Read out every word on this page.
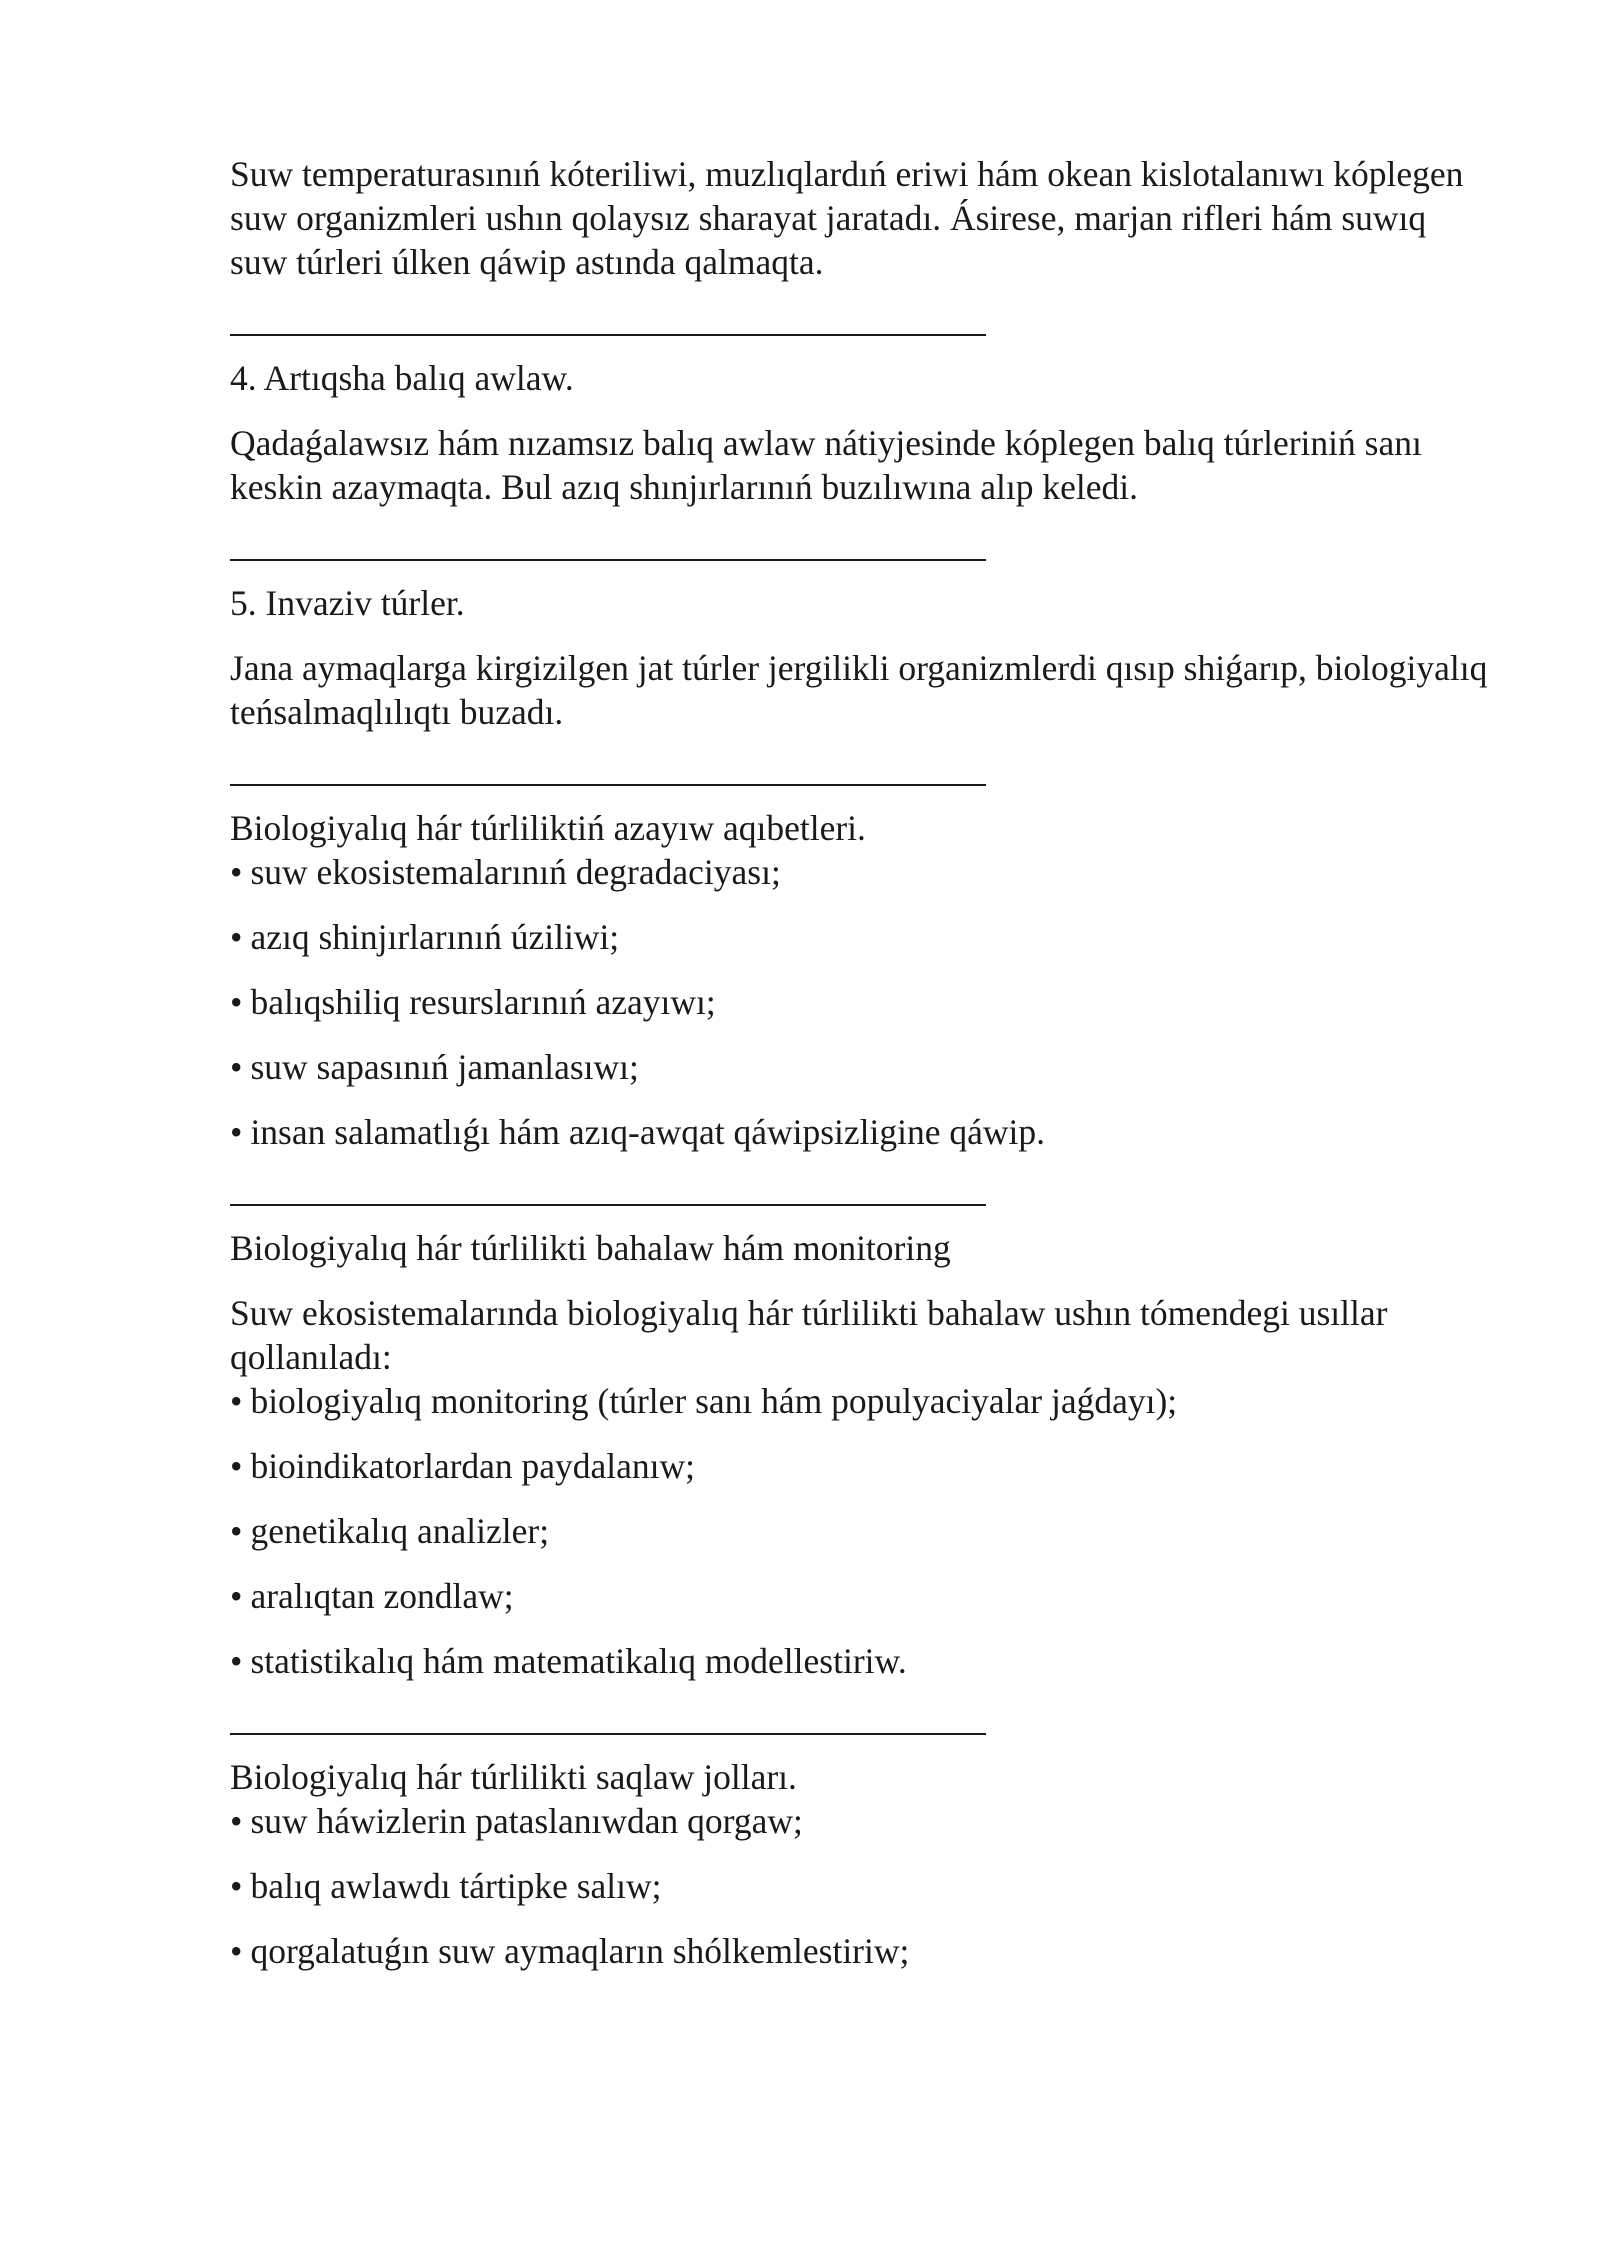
Suw temperaturasınıń kóteriliwi, muzlıqlardıń eriwi hám okean kislotalanıwı kóplegen suw organizmleri ushın qolaysız sharayat jaratadı. Ásirese, marjan rifleri hám suwıq suw túrleri úlken qáwip astında qalmaqta.

4. Artıqsha balıq awlaw.

Qadaǵalawsız hám nızamsız balıq awlaw nátiyjesinde kóplegen balıq túrleriniń sanı keskin azaymaqta. Bul azıq shınjırlarınıń buzılıwına alıp keledi.

5. Invaziv túrler.

Jana aymaqlarga kirgizilgen jat túrler jergilikli organizmlerdi qısıp shiǵarıp, biologiyalıq teńsalmaqlılıqtı buzadı.

Biologiyalıq hár túrliliktiń azayıw aqıbetleri.

• suw ekosistemalarınıń degradaciyası;
• azıq shinjırlarınıń úziliwi;
• balıqshiliq resurslarınıń azayıwı;
• suw sapasınıń jamanlasıwı;
• insan salamatlıǵı hám azıq-awqat qáwipsizligine qáwip.

Biologiyalıq hár túrlilikti bahalaw hám monitoring

Suw ekosistemalarında biologiyalıq hár túrlilikti bahalaw ushın tómendegi usıllar qollanıladı:

• biologiyalıq monitoring (túrler sanı hám populyaciyalar jaǵdayı);
• bioindikatorlardan paydalanıw;
• genetikalıq analizler;
• aralıqtan zondlaw;
• statistikalıq hám matematikalıq modellestiriw.

Biologiyalıq hár túrlilikti saqlaw jolları.

• suw háwizlerin pataslanıwdan qorgaw;
• balıq awlawdı tártipke salıw;
• qorgalatuǵın suw aymaqların shólkemlestiriw;
